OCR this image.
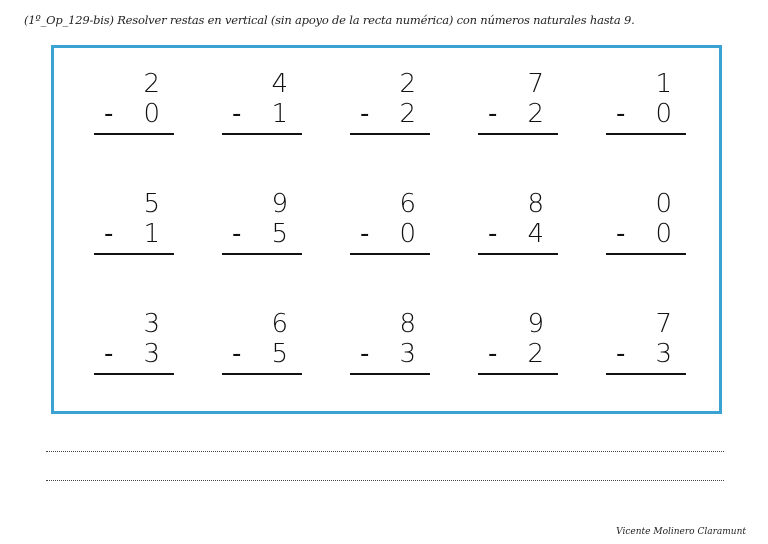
(1º_Op_129-bis) Resolver restas en vertical (sin apoyo de la recta numérica) con números naturales hasta 9.
2
- 0
4
- 1
2
- 2
7
- 2
1
- 0
5
- 1
9
- 5
6
- 0
8
- 4
0
- 0
3
- 3
6
- 5
8
- 3
9
- 2
7
- 3
Vicente Molinero Claramunt
